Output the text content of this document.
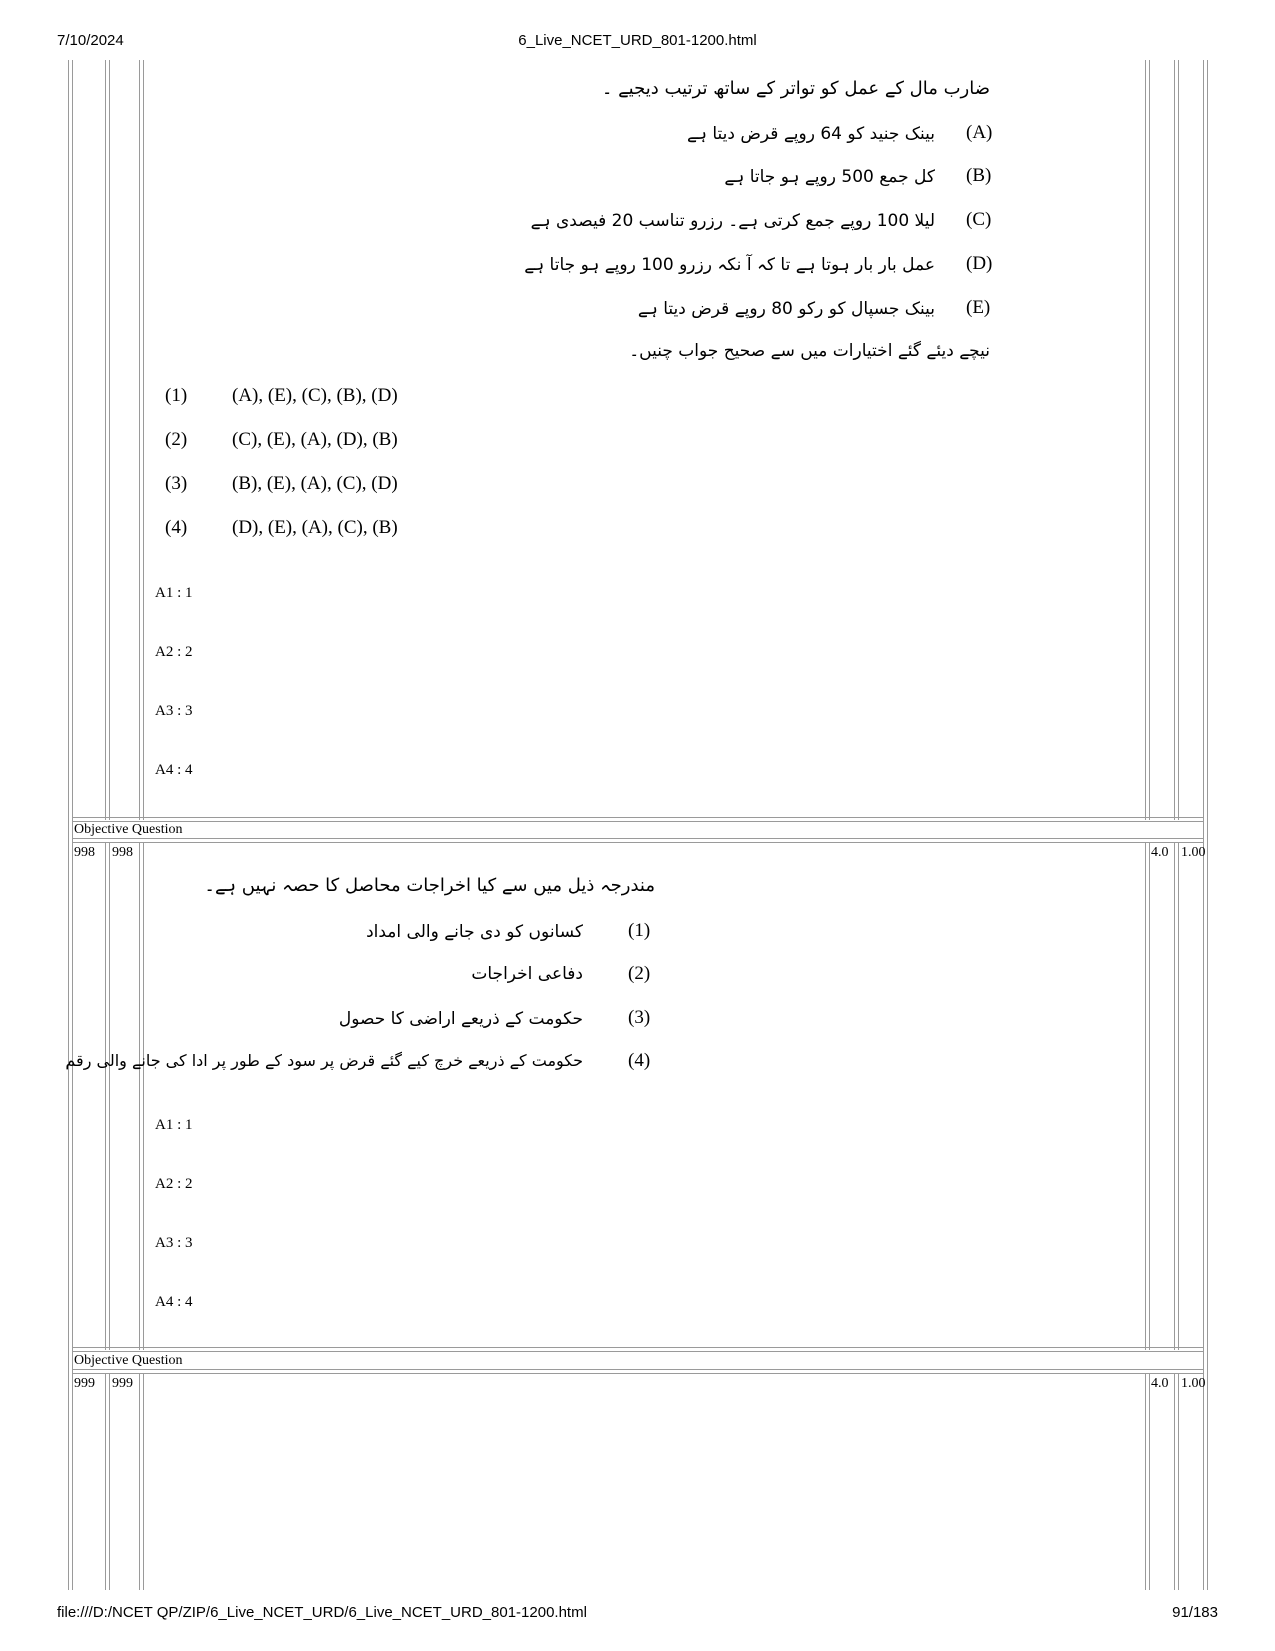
7/10/2024	6_Live_NCET_URD_801-1200.html
file:///D:/NCET QP/ZIP/6_Live_NCET_URD/6_Live_NCET_URD_801-1200.html	91/183
ضارب مال کے عمل کو تواتر کے ساتھ ترتیب دیجیے ۔
(A)
بینک جنید کو 64 روپے قرض دیتا ہے
(B)
کل جمع 500 روپے ہو جاتا ہے
(C)
لیلا 100 روپے جمع کرتی ہے۔ رزرو تناسب 20 فیصدی ہے
(D)
عمل بار بار ہوتا ہے تا کہ آ نکہ رزرو 100 روپے ہو جاتا ہے
(E)
بینک جسپال کو رکو 80 روپے قرض دیتا ہے
نیچے دیئے گئے اختیارات میں سے صحیح جواب چنیں۔
(1) (A), (E), (C), (B), (D)
(2) (C), (E), (A), (D), (B)
(3) (B), (E), (A), (C), (D)
(4) (D), (E), (A), (C), (B)
A1 : 1
A2 : 2
A3 : 3
A4 : 4
Objective Question
998 998	4.0 1.00
مندرجہ ذیل میں سے کیا اخراجات محاصل کا حصہ نہیں ہے۔
(1)
کسانوں کو دی جانے والی امداد
(2)
دفاعی اخراجات
(3)
حکومت کے ذریعے اراضی کا حصول
(4)
حکومت کے ذریعے خرچ کیے گئے قرض پر سود کے طور پر ادا کی جانے والی رقم
A1 : 1
A2 : 2
A3 : 3
A4 : 4
Objective Question
999 999	4.0 1.00
